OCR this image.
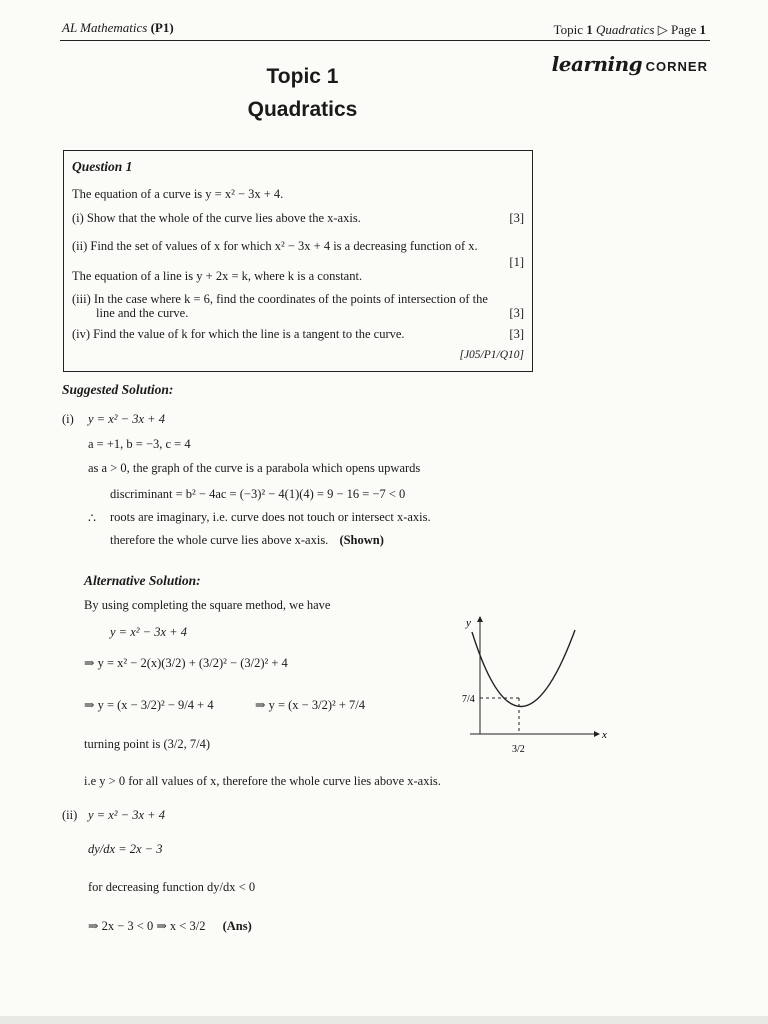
AL Mathematics (P1)	Topic 1 Quadratics ▷ Page 1
learning CORNER
Topic 1
Quadratics
Question 1
The equation of a curve is y = x² − 3x + 4.
(i) Show that the whole of the curve lies above the x-axis.	[3]
(ii) Find the set of values of x for which x² − 3x + 4 is a decreasing function of x.
[1]
The equation of a line is y + 2x = k, where k is a constant.
(iii) In the case where k = 6, find the coordinates of the points of intersection of the
line and the curve.	[3]
(iv) Find the value of k for which the line is a tangent to the curve.	[3]
[J05/P1/Q10]
Suggested Solution:
(i) y = x² − 3x + 4
a = +1, b = −3, c = 4
as a > 0, the graph of the curve is a parabola which opens upwards
discriminant = b² − 4ac = (−3)² − 4(1)(4) = 9 − 16 = −7 < 0
∴ roots are imaginary, i.e. curve does not touch or intersect x-axis.
therefore the whole curve lies above x-axis. (Shown)
Alternative Solution:
By using completing the square method, we have
y = x² − 3x + 4
⇒ y = x² − 2(x)(3/2) + (3/2)² − (3/2)² + 4
⇒ y = (x − 3/2)² − 9/4 + 4	⇒ y = (x − 3/2)² + 7/4
turning point is (3/2, 7/4)
i.e y > 0 for all values of x, therefore the whole curve lies above x-axis.
y
x
7/4
3/2
(ii) y = x² − 3x + 4
dy/dx = 2x − 3
for decreasing function dy/dx < 0
⇒ 2x − 3 < 0 ⇒ x < 3/2 (Ans)
